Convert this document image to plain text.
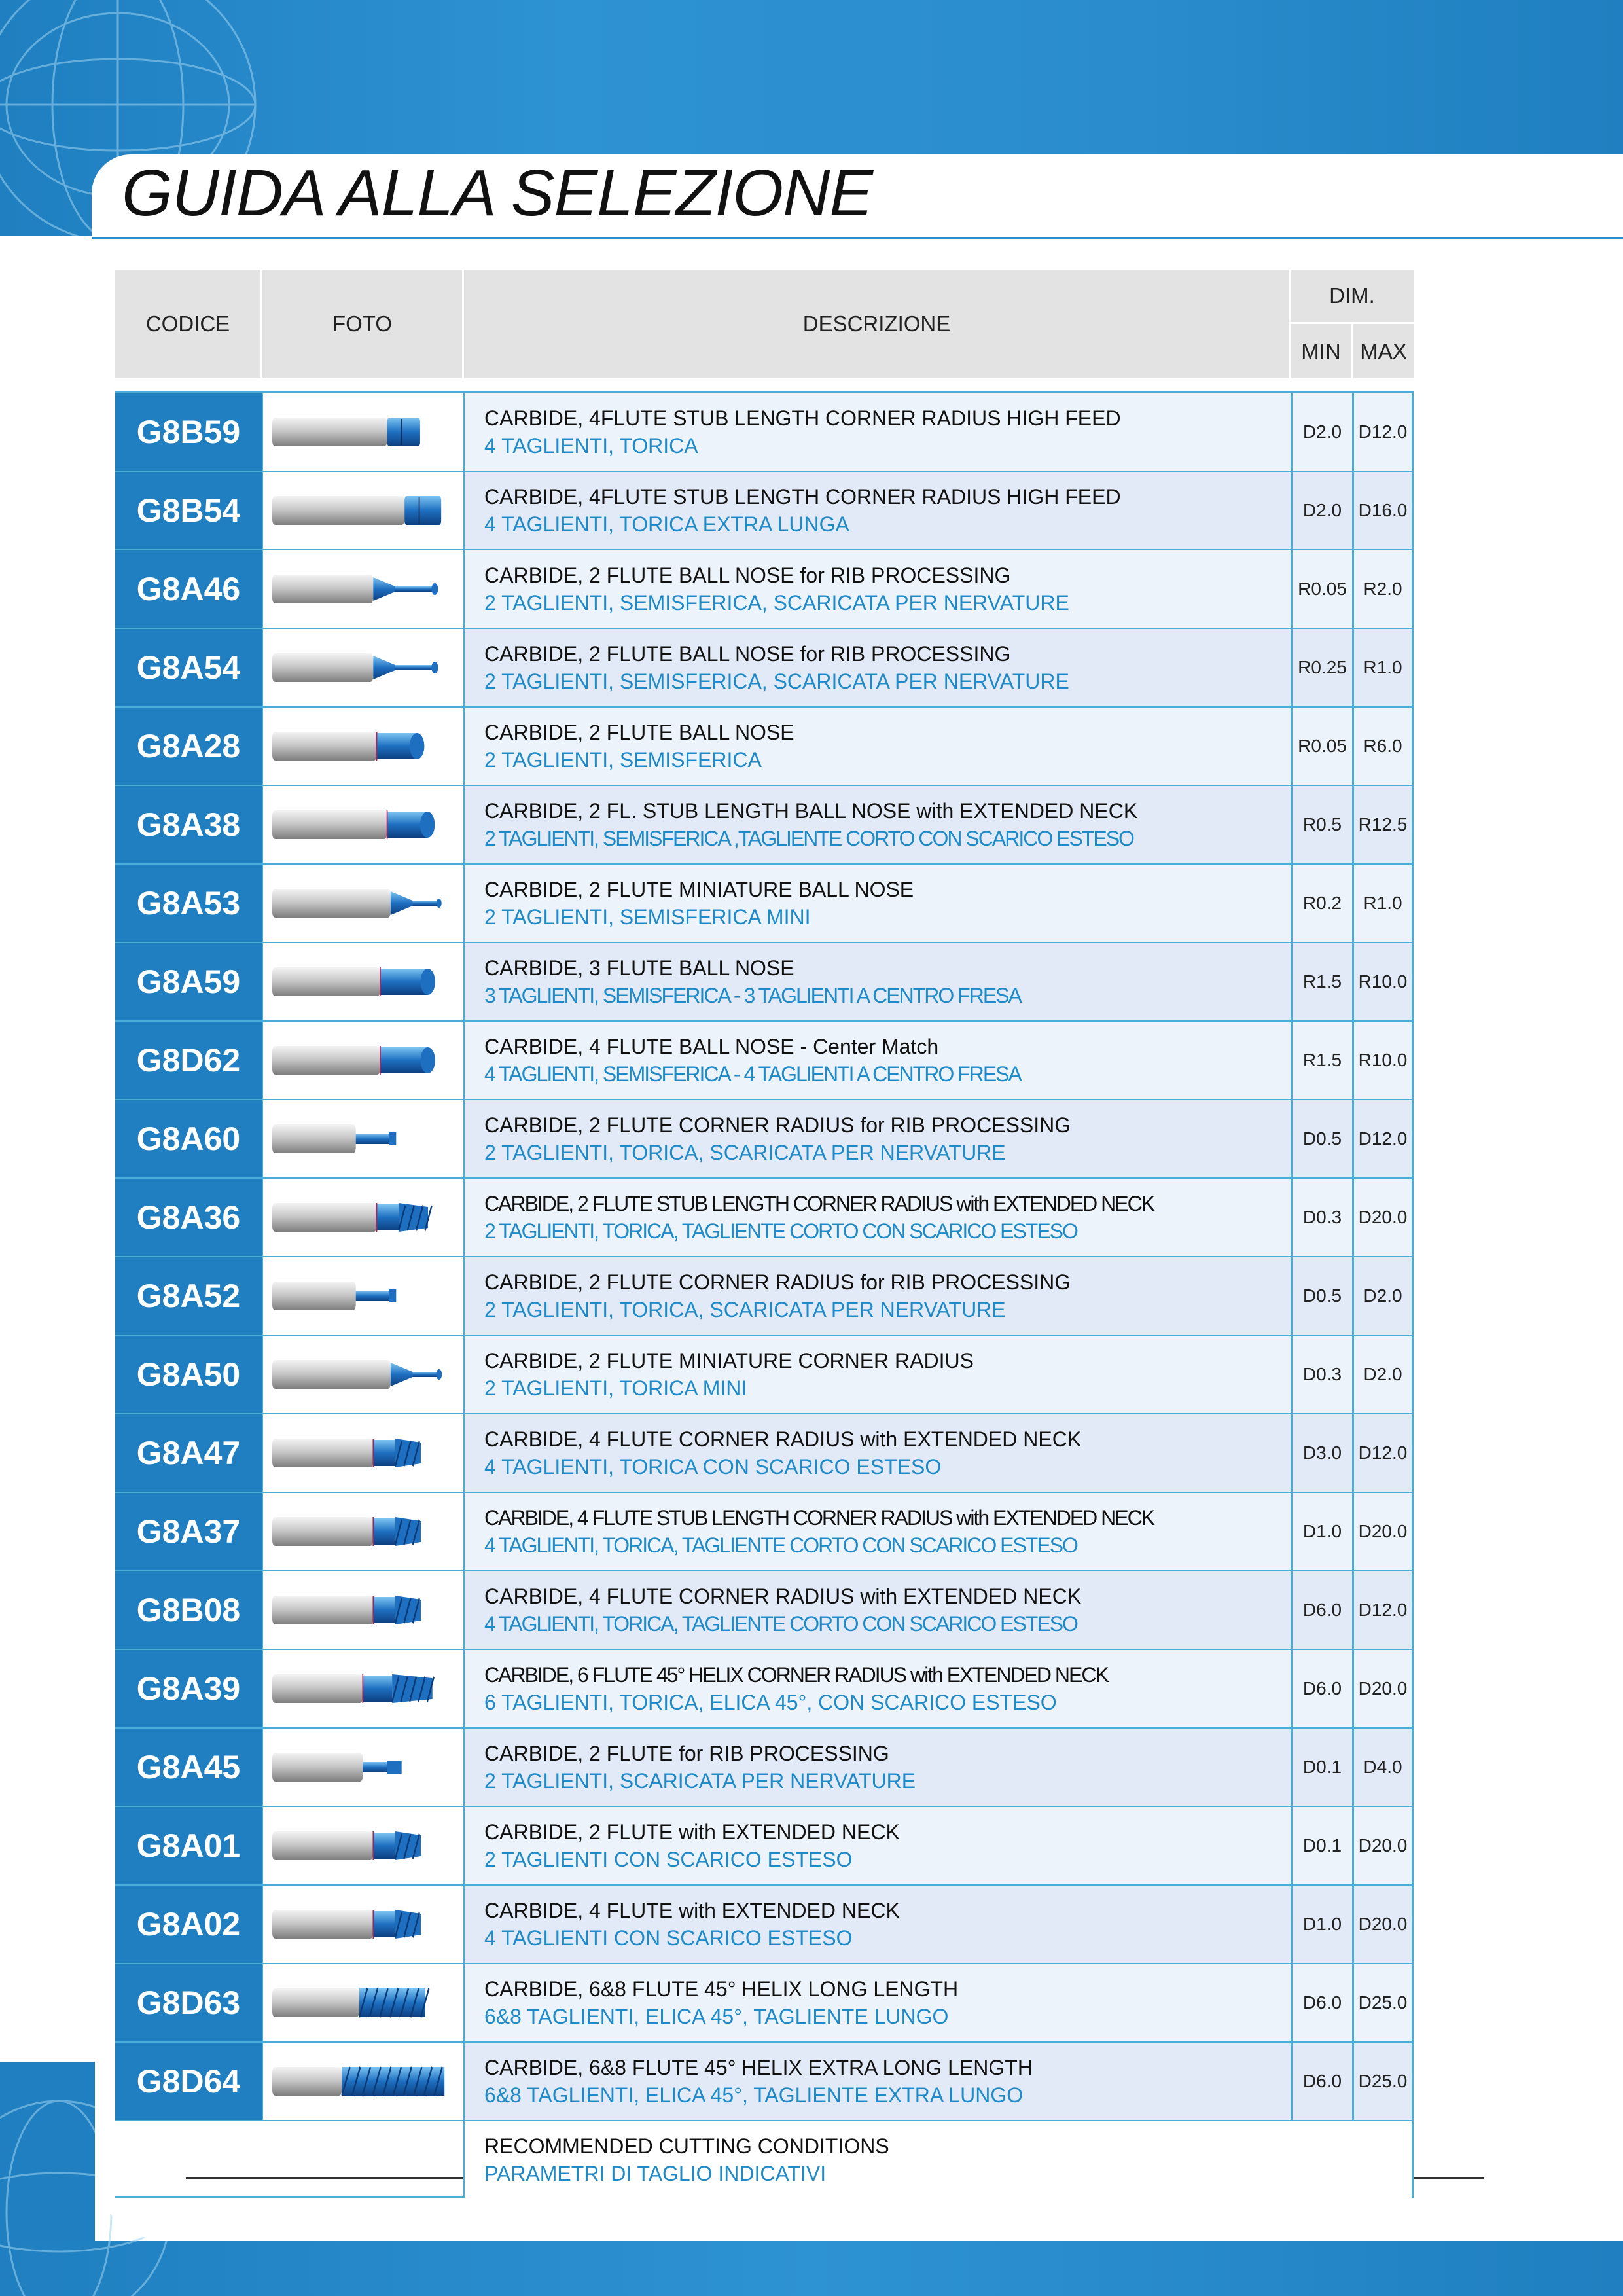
GUIDA ALLA SELEZIONE
CODICE	FOTO	DESCRIZIONE
DIM.
MIN MAX
G8B59	CARBIDE, 4FLUTE STUB LENGTH CORNER RADIUS HIGH FEED
4 TAGLIENTI, TORICA
D2.0 D12.0
G8B54	CARBIDE, 4FLUTE STUB LENGTH CORNER RADIUS HIGH FEED
4 TAGLIENTI, TORICA EXTRA LUNGA
D2.0 D16.0
G8A46	CARBIDE, 2 FLUTE BALL NOSE for RIB PROCESSING
2 TAGLIENTI, SEMISFERICA, SCARICATA PER NERVATURE
R0.05 R2.0
G8A54	CARBIDE, 2 FLUTE BALL NOSE for RIB PROCESSING
2 TAGLIENTI, SEMISFERICA, SCARICATA PER NERVATURE
R0.25 R1.0
G8A28	CARBIDE, 2 FLUTE BALL NOSE
2 TAGLIENTI, SEMISFERICA
R0.05 R6.0
G8A38	CARBIDE, 2 FL. STUB LENGTH BALL NOSE with EXTENDED NECK
2 TAGLIENTI, SEMISFERICA ,TAGLIENTE CORTO CON SCARICO ESTESO
R0.5 R12.5
G8A53	CARBIDE, 2 FLUTE MINIATURE BALL NOSE
2 TAGLIENTI, SEMISFERICA MINI
R0.2	R1.0
G8A59	CARBIDE, 3 FLUTE BALL NOSE
3 TAGLIENTI, SEMISFERICA - 3 TAGLIENTI A CENTRO FRESA
R1.5 R10.0
G8D62	CARBIDE, 4 FLUTE BALL NOSE - Center Match
4 TAGLIENTI, SEMISFERICA - 4 TAGLIENTI A CENTRO FRESA
R1.5 R10.0
G8A60	CARBIDE, 2 FLUTE CORNER RADIUS for RIB PROCESSING
2 TAGLIENTI, TORICA, SCARICATA PER NERVATURE
D0.5 D12.0
G8A36	CARBIDE, 2 FLUTE STUB LENGTH CORNER RADIUS with EXTENDED NECK
2 TAGLIENTI, TORICA, TAGLIENTE CORTO CON SCARICO ESTESO
D0.3 D20.0
G8A52	CARBIDE, 2 FLUTE CORNER RADIUS for RIB PROCESSING
2 TAGLIENTI, TORICA, SCARICATA PER NERVATURE
D0.5	D2.0
G8A50	CARBIDE, 2 FLUTE MINIATURE CORNER RADIUS
2 TAGLIENTI, TORICA MINI
D0.3	D2.0
G8A47	CARBIDE, 4 FLUTE CORNER RADIUS with EXTENDED NECK
4 TAGLIENTI, TORICA CON SCARICO ESTESO
D3.0 D12.0
G8A37	CARBIDE, 4 FLUTE STUB LENGTH CORNER RADIUS with EXTENDED NECK
4 TAGLIENTI, TORICA, TAGLIENTE CORTO CON SCARICO ESTESO
D1.0 D20.0
G8B08	CARBIDE, 4 FLUTE CORNER RADIUS with EXTENDED NECK
4 TAGLIENTI, TORICA, TAGLIENTE CORTO CON SCARICO ESTESO
D6.0 D12.0
G8A39	CARBIDE, 6 FLUTE 45° HELIX CORNER RADIUS with EXTENDED NECK
6 TAGLIENTI, TORICA, ELICA 45°, CON SCARICO ESTESO
D6.0 D20.0
G8A45	CARBIDE, 2 FLUTE for RIB PROCESSING
2 TAGLIENTI, SCARICATA PER NERVATURE
D0.1	D4.0
G8A01	CARBIDE, 2 FLUTE with EXTENDED NECK
2 TAGLIENTI CON SCARICO ESTESO
D0.1 D20.0
G8A02	CARBIDE, 4 FLUTE with EXTENDED NECK
4 TAGLIENTI CON SCARICO ESTESO
D1.0 D20.0
G8D63	CARBIDE, 6&8 FLUTE 45° HELIX LONG LENGTH
6&8 TAGLIENTI, ELICA 45°, TAGLIENTE LUNGO
D6.0 D25.0
G8D64	CARBIDE, 6&8 FLUTE 45° HELIX EXTRA LONG LENGTH
6&8 TAGLIENTI, ELICA 45°, TAGLIENTE EXTRA LUNGO
D6.0 D25.0
RECOMMENDED CUTTING CONDITIONS
PARAMETRI DI TAGLIO INDICATIVI
